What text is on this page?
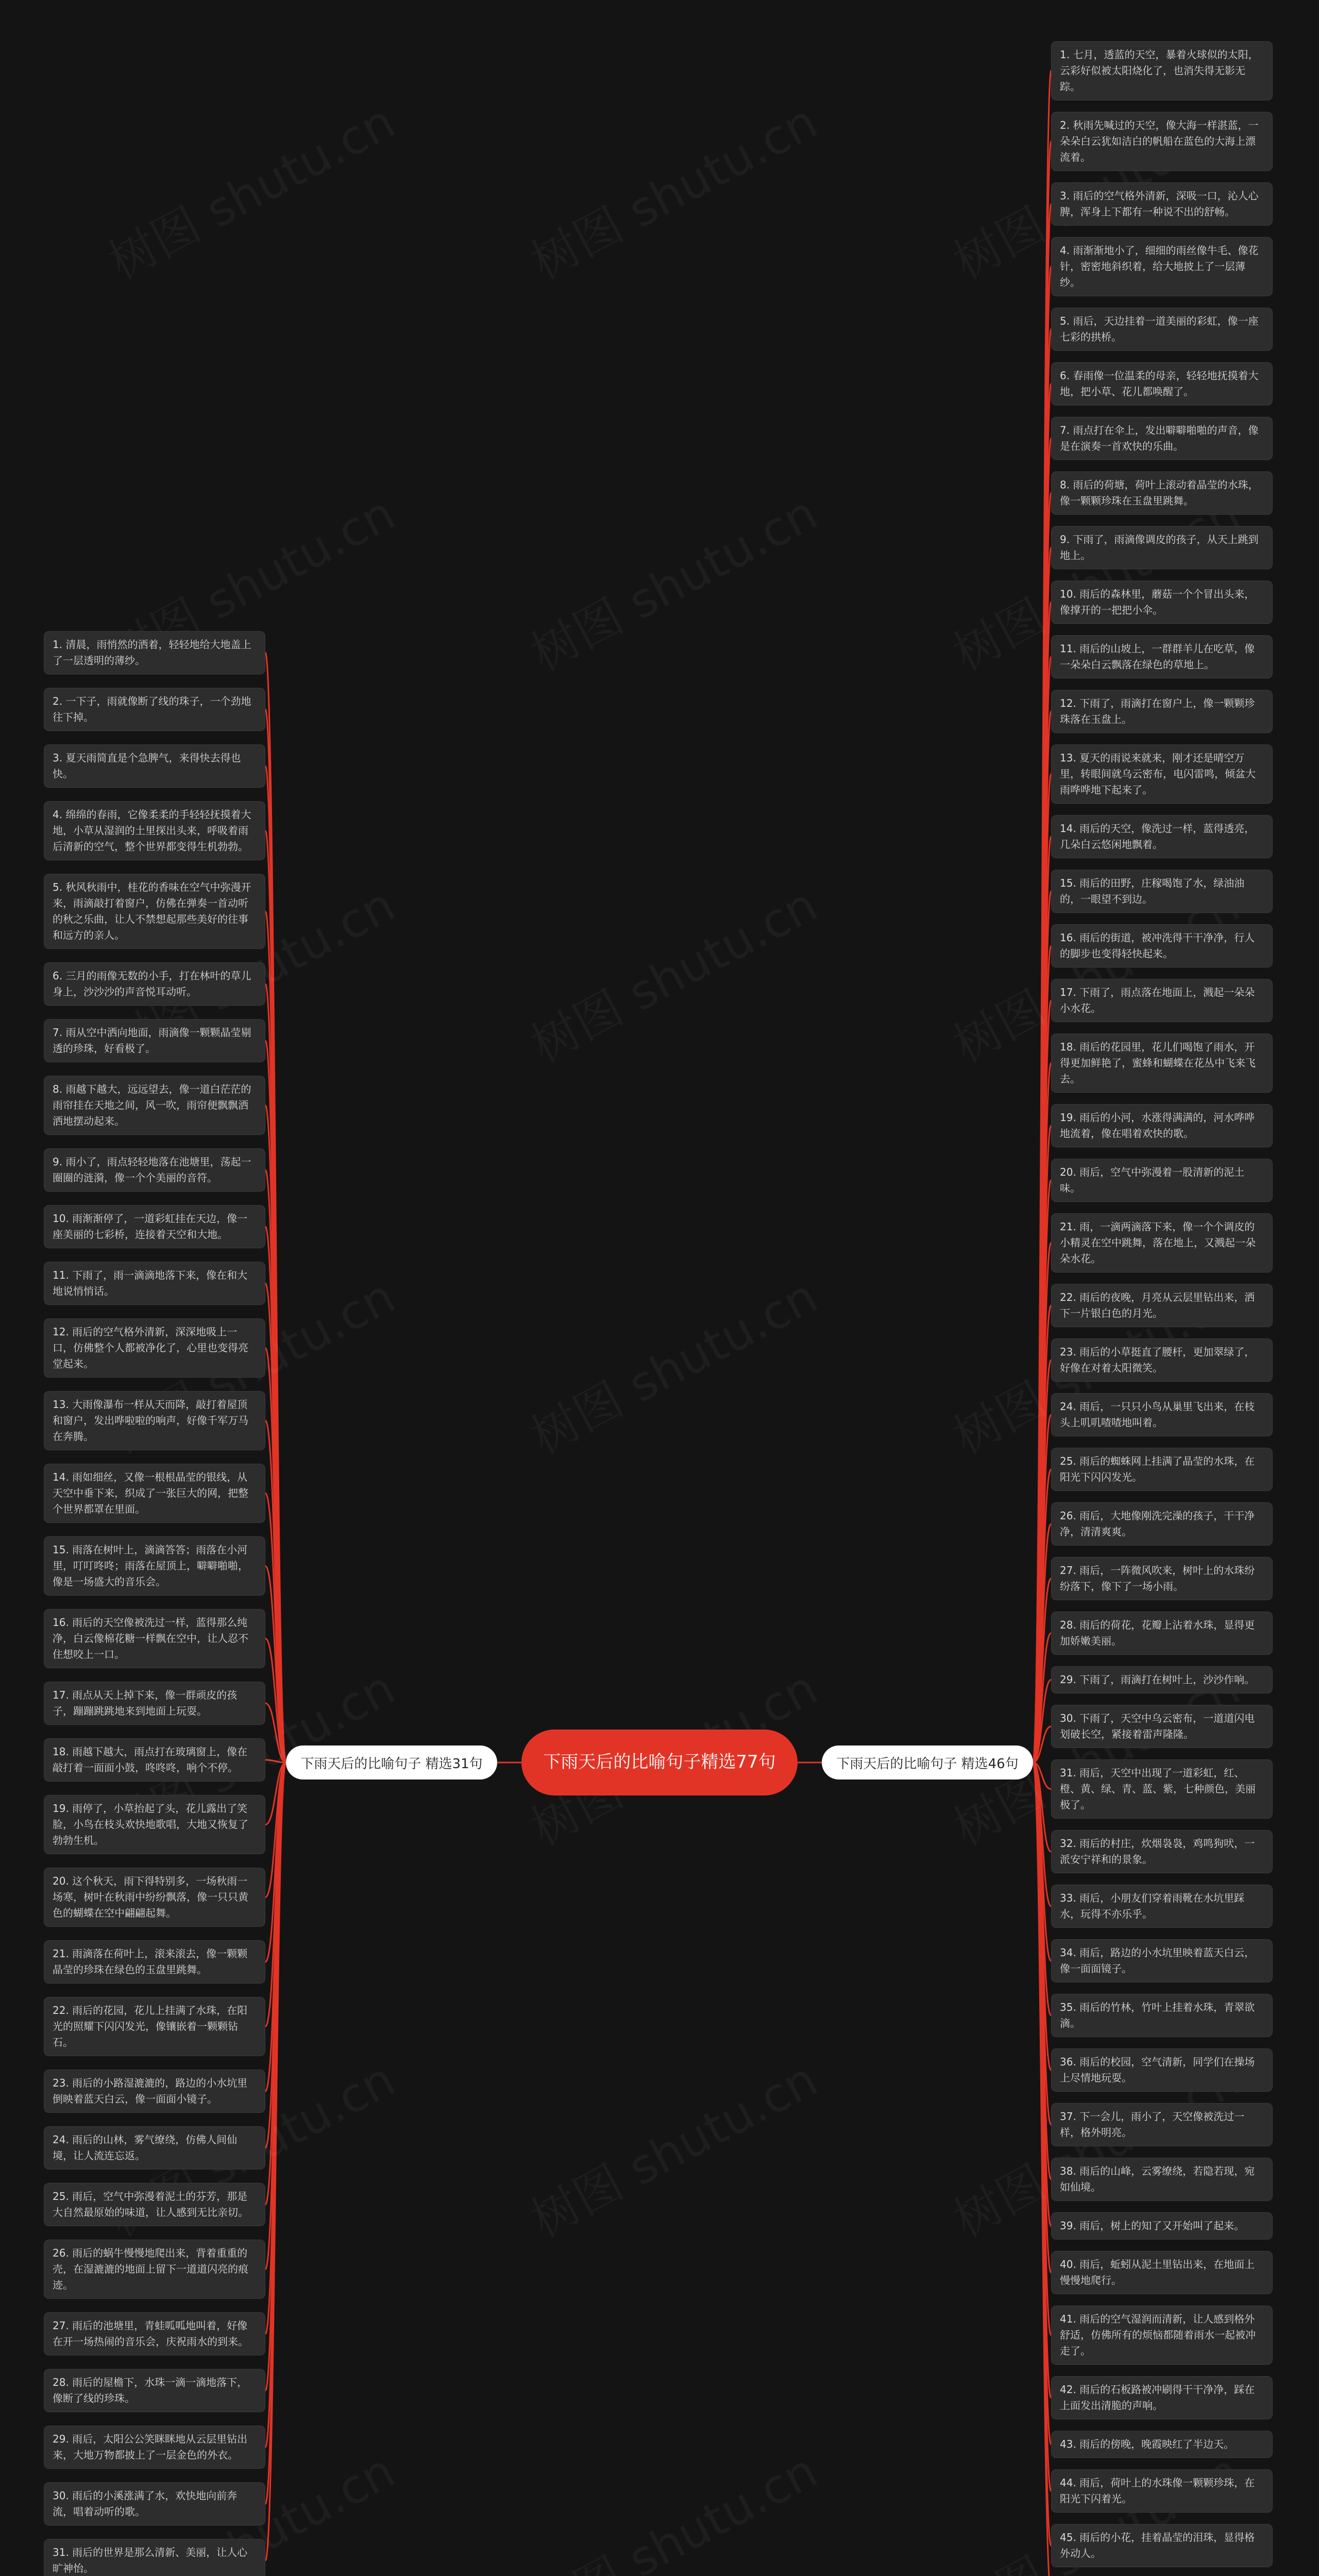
下雨天后的比喻句子精选77句
下雨天后的比喻句子 精选31句	下雨天后的比喻句子 精选46句
1. 清晨，雨悄然的洒着，轻轻地给大地盖上了一层透明的薄纱。
2. 一下子，雨就像断了线的珠子，一个劲地往下掉。
3. 夏天雨简直是个急脾气，来得快去得也快。
4. 绵绵的春雨，它像柔柔的手轻轻抚摸着大地，小草从湿润的土里探出头来，呼吸着雨后清新的空气，整个世界都变得生机勃勃。
5. 秋风秋雨中，桂花的香味在空气中弥漫开来，雨滴敲打着窗户，仿佛在弹奏一首动听的秋之乐曲，让人不禁想起那些美好的往事和远方的亲人。
6. 三月的雨像无数的小手，打在林叶的草儿身上，沙沙沙的声音悦耳动听。
7. 雨从空中洒向地面，雨滴像一颗颗晶莹剔透的珍珠，好看极了。
8. 雨越下越大，远远望去，像一道白茫茫的雨帘挂在天地之间，风一吹，雨帘便飘飘洒洒地摆动起来。
9. 雨小了，雨点轻轻地落在池塘里，荡起一圈圈的涟漪，像一个个美丽的音符。
10. 雨渐渐停了，一道彩虹挂在天边，像一座美丽的七彩桥，连接着天空和大地。
11. 下雨了，雨一滴滴地落下来，像在和大地说悄悄话。
12. 雨后的空气格外清新，深深地吸上一口，仿佛整个人都被净化了，心里也变得亮堂起来。
13. 大雨像瀑布一样从天而降，敲打着屋顶和窗户，发出哗啦啦的响声，好像千军万马在奔腾。
14. 雨如细丝，又像一根根晶莹的银线，从天空中垂下来，织成了一张巨大的网，把整个世界都罩在里面。
15. 雨落在树叶上，滴滴答答；雨落在小河里，叮叮咚咚；雨落在屋顶上，噼噼啪啪，像是一场盛大的音乐会。
16. 雨后的天空像被洗过一样，蓝得那么纯净，白云像棉花糖一样飘在空中，让人忍不住想咬上一口。
17. 雨点从天上掉下来，像一群顽皮的孩子，蹦蹦跳跳地来到地面上玩耍。
18. 雨越下越大，雨点打在玻璃窗上，像在敲打着一面面小鼓，咚咚咚，响个不停。
19. 雨停了，小草抬起了头，花儿露出了笑脸，小鸟在枝头欢快地歌唱，大地又恢复了勃勃生机。
20. 这个秋天，雨下得特别多，一场秋雨一场寒，树叶在秋雨中纷纷飘落，像一只只黄色的蝴蝶在空中翩翩起舞。
21. 雨滴落在荷叶上，滚来滚去，像一颗颗晶莹的珍珠在绿色的玉盘里跳舞。
22. 雨后的花园，花儿上挂满了水珠，在阳光的照耀下闪闪发光，像镶嵌着一颗颗钻石。
23. 雨后的小路湿漉漉的，路边的小水坑里倒映着蓝天白云，像一面面小镜子。
24. 雨后的山林，雾气缭绕，仿佛人间仙境，让人流连忘返。
25. 雨后，空气中弥漫着泥土的芬芳，那是大自然最原始的味道，让人感到无比亲切。
26. 雨后的蜗牛慢慢地爬出来，背着重重的壳，在湿漉漉的地面上留下一道道闪亮的痕迹。
27. 雨后的池塘里，青蛙呱呱地叫着，好像在开一场热闹的音乐会，庆祝雨水的到来。
28. 雨后的屋檐下，水珠一滴一滴地落下，像断了线的珍珠。
29. 雨后，太阳公公笑眯眯地从云层里钻出来，大地万物都披上了一层金色的外衣。
30. 雨后的小溪涨满了水，欢快地向前奔流，唱着动听的歌。
31. 雨后的世界是那么清新、美丽，让人心旷神怡。
1. 七月，透蓝的天空，暴着火球似的太阳，云彩好似被太阳烧化了，也消失得无影无踪。
2. 秋雨先喊过的天空，像大海一样湛蓝，一朵朵白云犹如洁白的帆船在蓝色的大海上漂流着。
3. 雨后的空气格外清新，深吸一口，沁人心脾，浑身上下都有一种说不出的舒畅。
4. 雨渐渐地小了，细细的雨丝像牛毛、像花针，密密地斜织着，给大地披上了一层薄纱。
5. 雨后，天边挂着一道美丽的彩虹，像一座七彩的拱桥。
6. 春雨像一位温柔的母亲，轻轻地抚摸着大地，把小草、花儿都唤醒了。
7. 雨点打在伞上，发出噼噼啪啪的声音，像是在演奏一首欢快的乐曲。
8. 雨后的荷塘，荷叶上滚动着晶莹的水珠，像一颗颗珍珠在玉盘里跳舞。
9. 下雨了，雨滴像调皮的孩子，从天上跳到地上。
10. 雨后的森林里，蘑菇一个个冒出头来，像撑开的一把把小伞。
11. 雨后的山坡上，一群群羊儿在吃草，像一朵朵白云飘落在绿色的草地上。
12. 下雨了，雨滴打在窗户上，像一颗颗珍珠落在玉盘上。
13. 夏天的雨说来就来，刚才还是晴空万里，转眼间就乌云密布，电闪雷鸣，倾盆大雨哗哗地下起来了。
14. 雨后的天空，像洗过一样，蓝得透亮，几朵白云悠闲地飘着。
15. 雨后的田野，庄稼喝饱了水，绿油油的，一眼望不到边。
16. 雨后的街道，被冲洗得干干净净，行人的脚步也变得轻快起来。
17. 下雨了，雨点落在地面上，溅起一朵朵小水花。
18. 雨后的花园里，花儿们喝饱了雨水，开得更加鲜艳了，蜜蜂和蝴蝶在花丛中飞来飞去。
19. 雨后的小河，水涨得满满的，河水哗哗地流着，像在唱着欢快的歌。
20. 雨后，空气中弥漫着一股清新的泥土味。
21. 雨，一滴两滴落下来，像一个个调皮的小精灵在空中跳舞，落在地上，又溅起一朵朵水花。
22. 雨后的夜晚，月亮从云层里钻出来，洒下一片银白色的月光。
23. 雨后的小草挺直了腰杆，更加翠绿了，好像在对着太阳微笑。
24. 雨后，一只只小鸟从巢里飞出来，在枝头上叽叽喳喳地叫着。
25. 雨后的蜘蛛网上挂满了晶莹的水珠，在阳光下闪闪发光。
26. 雨后，大地像刚洗完澡的孩子，干干净净，清清爽爽。
27. 雨后，一阵微风吹来，树叶上的水珠纷纷落下，像下了一场小雨。
28. 雨后的荷花，花瓣上沾着水珠，显得更加娇嫩美丽。
29. 下雨了，雨滴打在树叶上，沙沙作响。
30. 下雨了，天空中乌云密布，一道道闪电划破长空，紧接着雷声隆隆。
31. 雨后，天空中出现了一道彩虹，红、橙、黄、绿、青、蓝、紫，七种颜色，美丽极了。
32. 雨后的村庄，炊烟袅袅，鸡鸣狗吠，一派安宁祥和的景象。
33. 雨后，小朋友们穿着雨靴在水坑里踩水，玩得不亦乐乎。
34. 雨后，路边的小水坑里映着蓝天白云，像一面面镜子。
35. 雨后的竹林，竹叶上挂着水珠，青翠欲滴。
36. 雨后的校园，空气清新，同学们在操场上尽情地玩耍。
37. 下一会儿，雨小了，天空像被洗过一样，格外明亮。
38. 雨后的山峰，云雾缭绕，若隐若现，宛如仙境。
39. 雨后，树上的知了又开始叫了起来。
40. 雨后，蚯蚓从泥土里钻出来，在地面上慢慢地爬行。
41. 雨后的空气湿润而清新，让人感到格外舒适，仿佛所有的烦恼都随着雨水一起被冲走了。
42. 雨后的石板路被冲刷得干干净净，踩在上面发出清脆的声响。
43. 雨后的傍晚，晚霞映红了半边天。
44. 雨后，荷叶上的水珠像一颗颗珍珠，在阳光下闪着光。
45. 雨后的小花，挂着晶莹的泪珠，显得格外动人。
